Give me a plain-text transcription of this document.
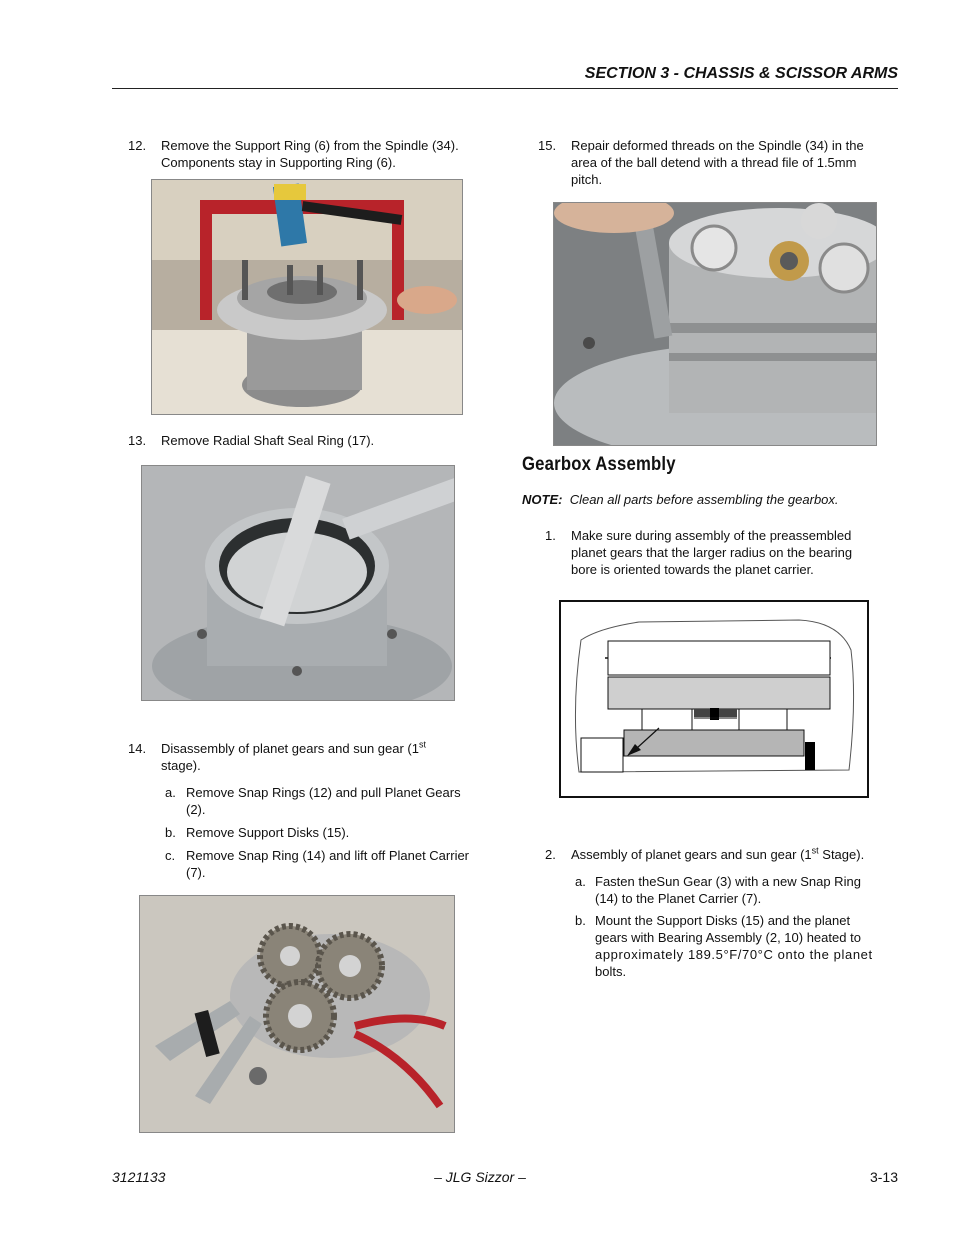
SECTION 3 - CHASSIS & SCISSOR ARMS
12. Remove the Support Ring (6) from the Spindle (34).
Components stay in Supporting Ring (6).
13. Remove Radial Shaft Seal Ring (17).
14. Disassembly of planet gears and sun gear (1st
stage).
a. Remove Snap Rings (12) and pull Planet Gears
(2).
b. Remove Support Disks (15).
c. Remove Snap Ring (14) and lift off Planet Carrier
(7).
15. Repair deformed threads on the Spindle (34) in the
area of the ball detend with a thread file of 1.5mm
pitch.
Gearbox Assembly
NOTE: Clean all parts before assembling the gearbox.
1. Make sure during assembly of the preassembled
planet gears that the larger radius on the bearing
bore is oriented towards the planet carrier.
2. Assembly of planet gears and sun gear (1st Stage).
a. Fasten theSun Gear (3) with a new Snap Ring
(14) to the Planet Carrier (7).
b. Mount the Support Disks (15) and the planet
gears with Bearing Assembly (2, 10) heated to
approximately 189.5°F/70°C onto the planet
bolts.
3121133	– JLG Sizzor –	3-13
